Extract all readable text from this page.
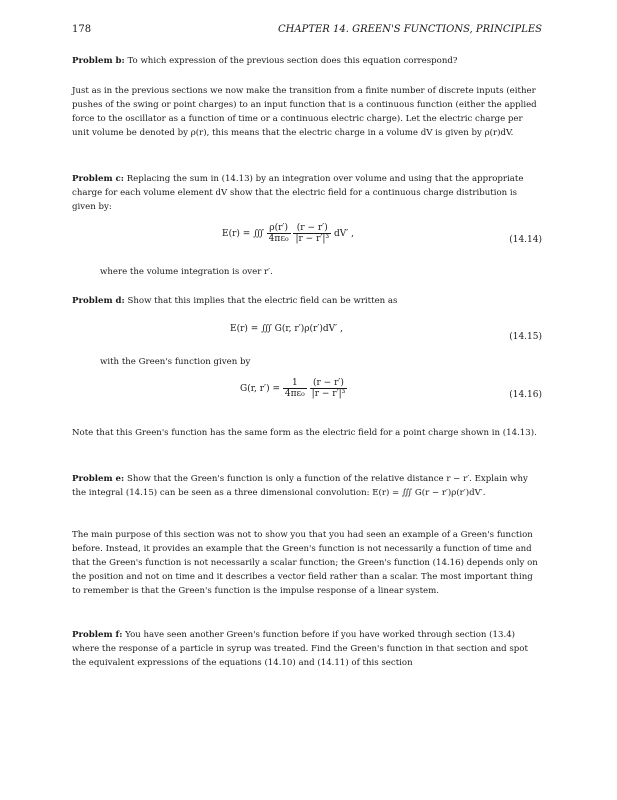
178	CHAPTER 14. GREEN'S FUNCTIONS, PRINCIPLES
Problem b: To which expression of the previous section does this equation correspond?

Just as in the previous sections we now make the transition from a finite number of discrete inputs (either pushes of the swing or point charges) to an input function that is a continuous function (either the applied force to the oscillator as a function of time or a continuous electric charge). Let the electric charge per unit volume be denoted by ρ(r), this means that the electric charge in a volume dV is given by ρ(r)dV.

Problem c: Replacing the sum in (14.13) by an integration over volume and using that the appropriate charge for each volume element dV show that the electric field for a continuous charge distribution is given by:
E(r) = ∭ $\frac{\rho(r')}{\text{4πε₀}}$
$\frac{(r - r')}{\text{|r − r′|³}} dV'$ ,
(14.14)

where the volume integration is over r′.

Problem d: Show that this implies that the electric field can be written as
E(r) = ∭ G(r, r′)ρ(r′)dV′ ,
(14.15)

with the Green's function given by

G(r, $r') = \frac{1}{\text{4πε₀}}$
$\frac{(r - r')}{\text{|r − r′|³}}$	(14.16)

Note that this Green's function has the same form as the electric field for a point charge shown in (14.13).

Problem e: Show that the Green's function is only a function of the relative distance r − r′. Explain why the integral (14.15) can be seen as a three dimensional convolution: E(r) = ∭ G(r − r′)ρ(r′)dV′.

The main purpose of this section was not to show you that you had seen an example of a Green's function before. Instead, it provides an example that the Green's function is not necessarily a function of time and that the Green's function is not necessarily a scalar function; the Green's function (14.16) depends only on the position and not on time and it describes a vector field rather than a scalar. The most important thing to remember is that the Green's function is the impulse response of a linear system.

Problem f: You have seen another Green's function before if you have worked through section (13.4) where the response of a particle in syrup was treated. Find the Green's function in that section and spot the equivalent expressions of the equations (14.10) and (14.11) of this section
